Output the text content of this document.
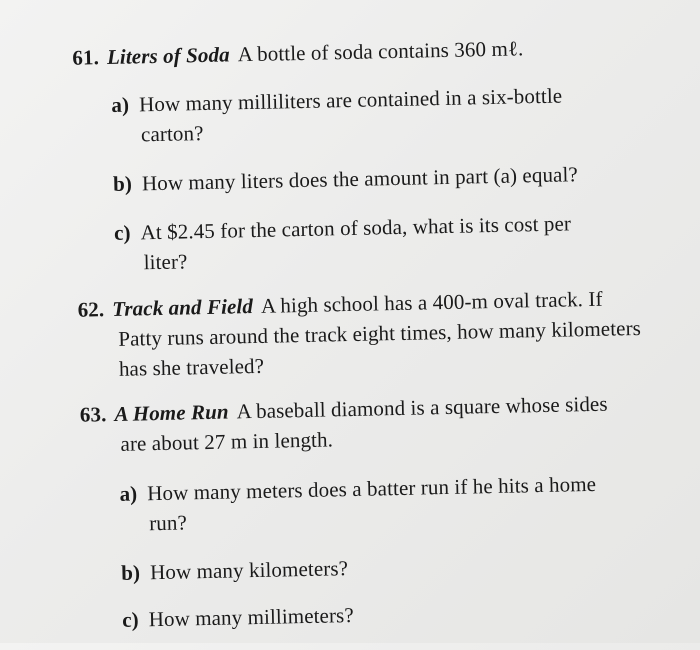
61. Liters of Soda A bottle of soda contains 360 mℓ.
a) How many milliliters are contained in a six-bottle
carton?
b) How many liters does the amount in part (a) equal?
c) At $2.45 for the carton of soda, what is its cost per
liter?
62. Track and Field A high school has a 400-m oval track. If
Patty runs around the track eight times, how many kilometers
has she traveled?
63. A Home Run A baseball diamond is a square whose sides
are about 27 m in length.
a) How many meters does a batter run if he hits a home
run?
b) How many kilometers?
c) How many millimeters?
